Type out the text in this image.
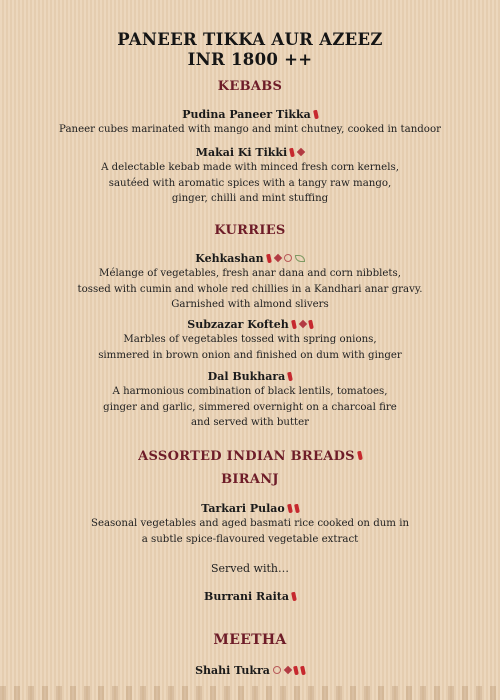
PANEER TIKKA AUR AZEEZ
INR 1800 ++
KEBABS
Pudina Paneer Tikka
Paneer cubes marinated with mango and mint chutney, cooked in tandoor
Makai Ki Tikki
A delectable kebab made with minced fresh corn kernels,
sautéed with aromatic spices with a tangy raw mango,
ginger, chilli and mint stuffing
KURRIES
Kehkashan
Mélange of vegetables, fresh anar dana and corn nibblets,
tossed with cumin and whole red chillies in a Kandhari anar gravy.
Garnished with almond slivers
Subzazar Kofteh
Marbles of vegetables tossed with spring onions,
simmered in brown onion and finished on dum with ginger
Dal Bukhara
A harmonious combination of black lentils, tomatoes,
ginger and garlic, simmered overnight on a charcoal fire
and served with butter
ASSORTED INDIAN BREADS
BIRANJ
Tarkari Pulao
Seasonal vegetables and aged basmati rice cooked on dum in
a subtle spice-flavoured vegetable extract
Served with…
Burrani Raita
MEETHA
Shahi Tukra
